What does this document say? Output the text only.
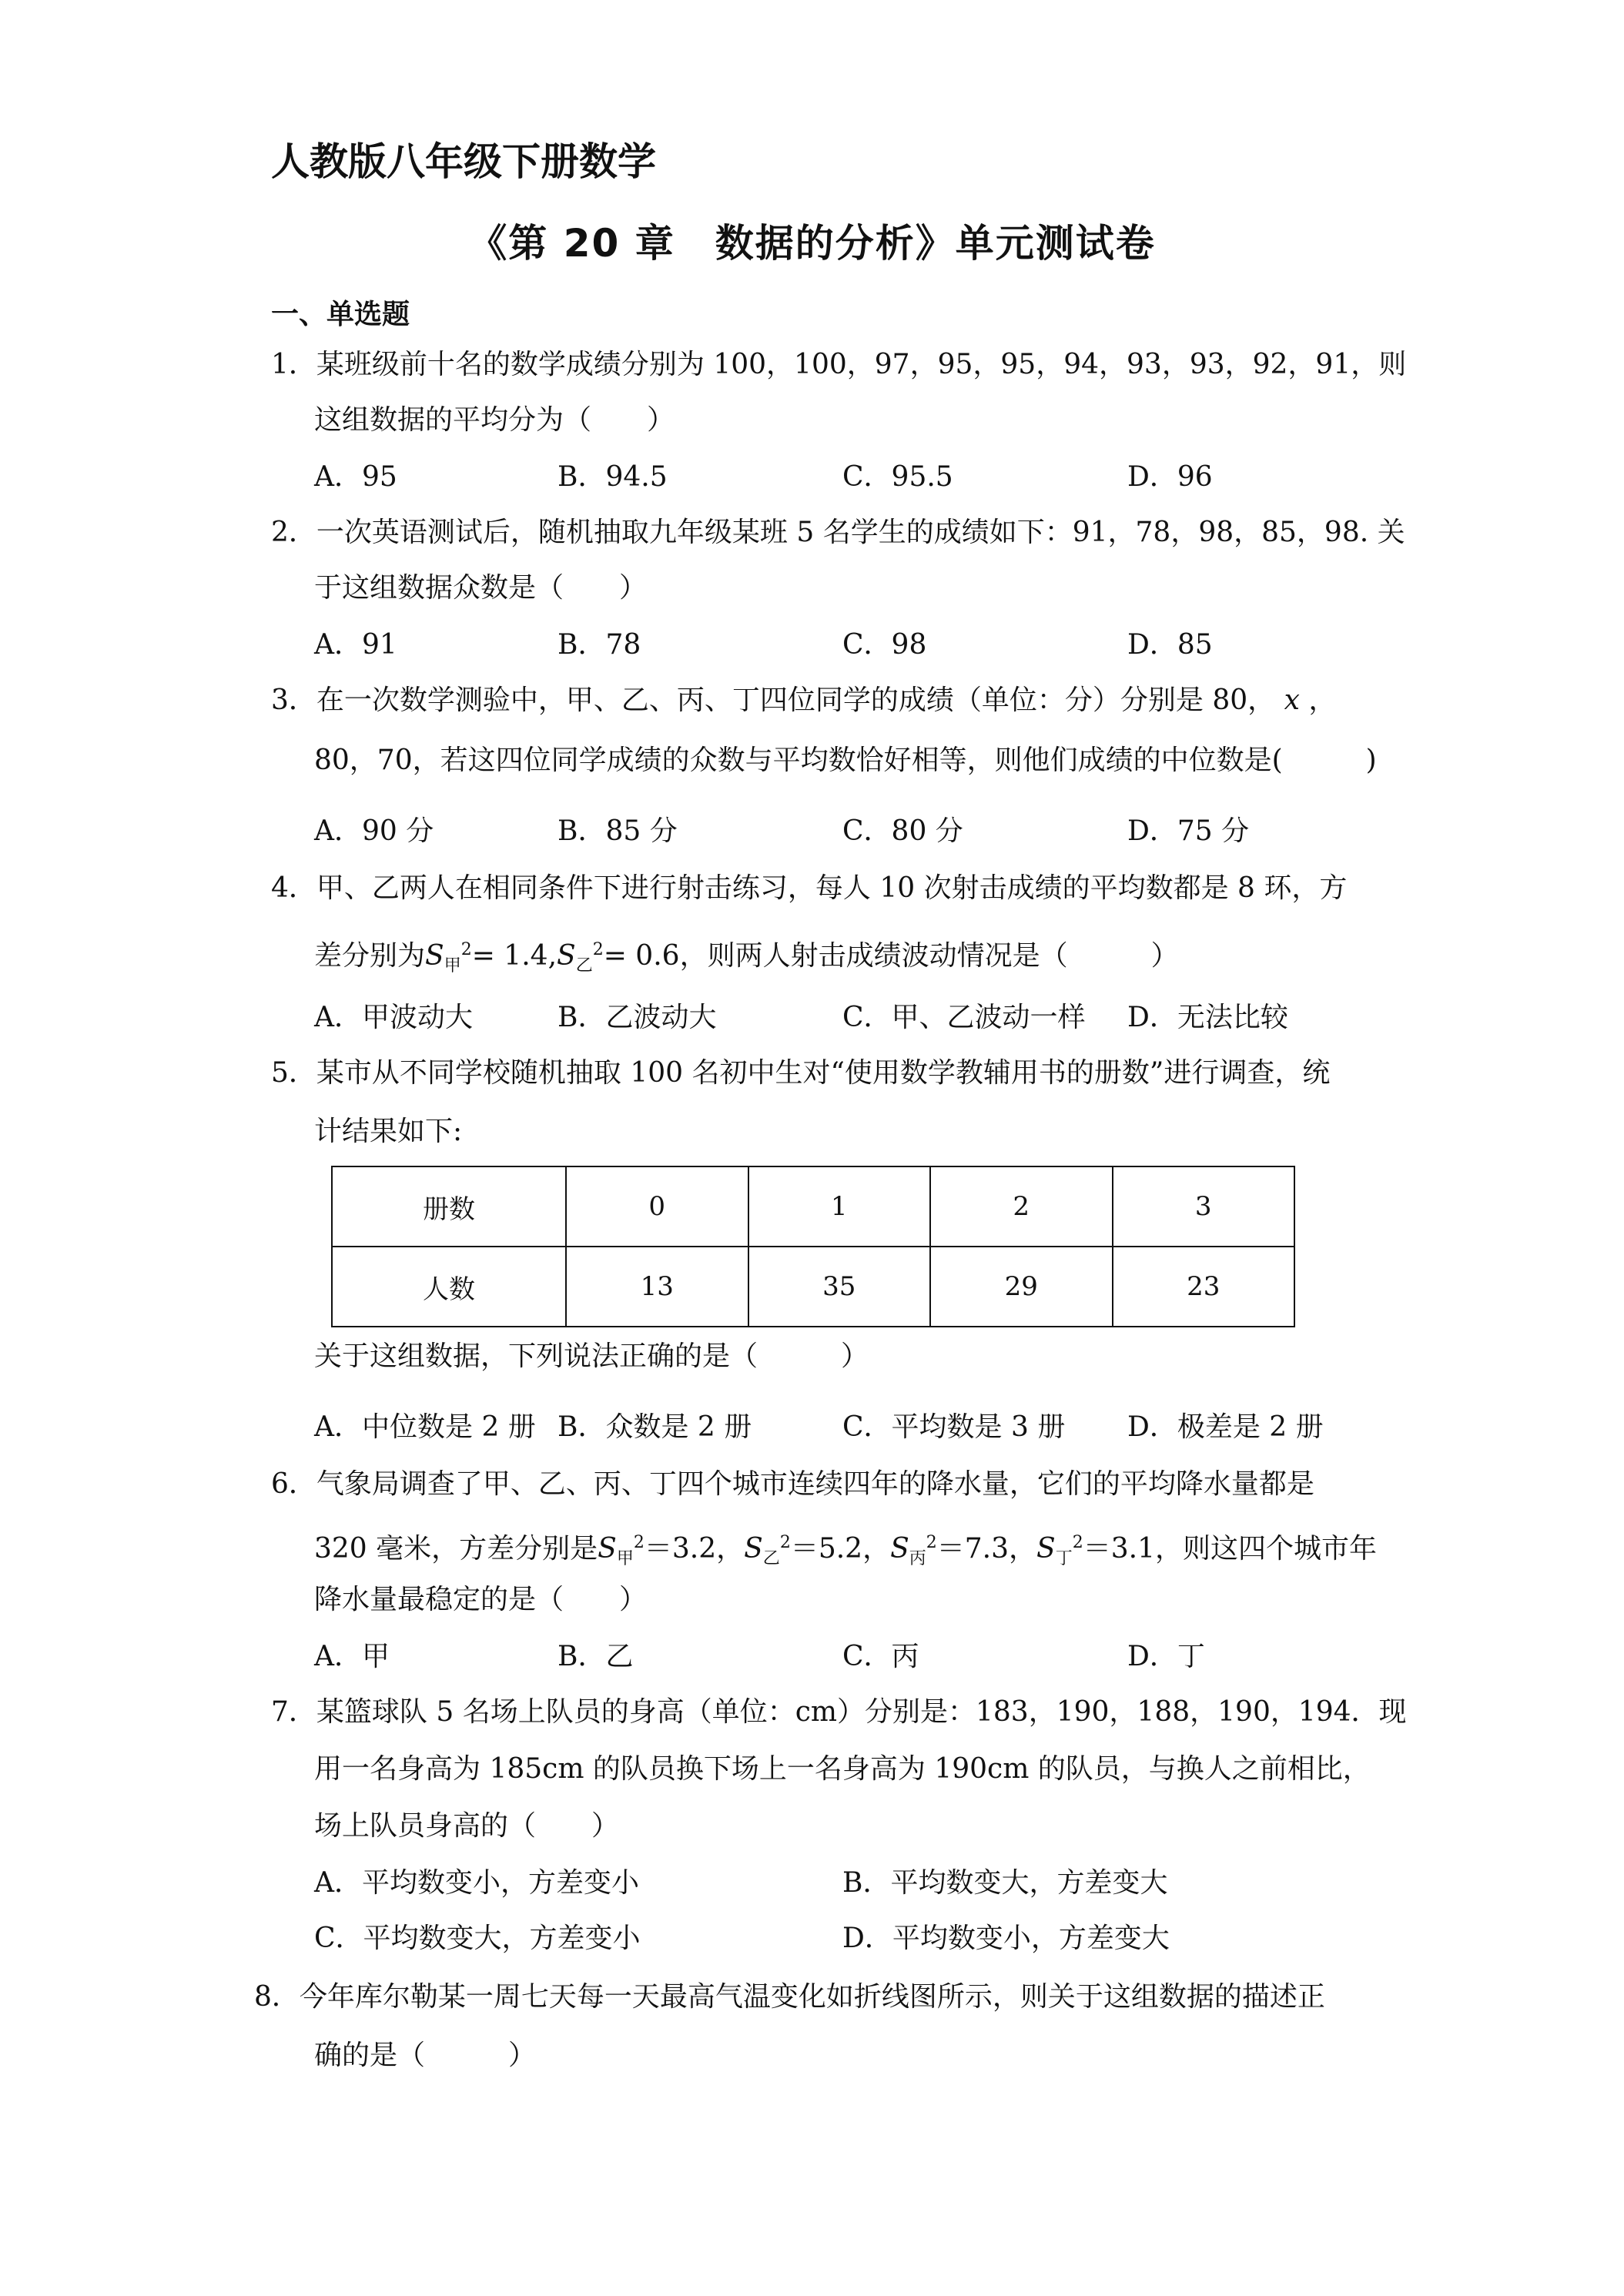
人教版八年级下册数学
《第 20 章　数据的分析》单元测试卷
一、单选题
1．某班级前十名的数学成绩分别为 100，100，97，95，95，94，93，93，92，91，则
这组数据的平均分为（　　）
A．95	B．94.5	C．95.5	D．96
2．一次英语测试后，随机抽取九年级某班 5 名学生的成绩如下：91，78，98，85，98. 关
于这组数据众数是（　　）
A．91	B．78	C．98	D．85
3．在一次数学测验中，甲、乙、丙、丁四位同学的成绩（单位：分）分别是 80， x ，
80，70，若这四位同学成绩的众数与平均数恰好相等，则他们成绩的中位数是(　　　)
A．90 分	B．85 分	C．80 分	D．75 分
4．甲、乙两人在相同条件下进行射击练习，每人 10 次射击成绩的平均数都是 8 环，方
差分别为$S_甲^2= 1.4,S_乙^2= 0.6$，则两人射击成绩波动情况是（　　　）
A．甲波动大	B．乙波动大	C．甲、乙波动一样 D．无法比较
5．某市从不同学校随机抽取 100 名初中生对“使用数学教辅用书的册数”进行调查，统
计结果如下:
册数	0	1	2	3
人数	13	35	29	23
关于这组数据，下列说法正确的是（　　　）
A．中位数是 2 册 B．众数是 2 册	C．平均数是 3 册 D．极差是 2 册
6．气象局调查了甲、乙、丙、丁四个城市连续四年的降水量，它们的平均降水量都是
320 毫米，方差分别是$S_甲^2=3.2$，$S_乙^2=5.2$，$S_丙^2=7.3$，$S_丁^2=3.1$，则这四个城市年
降水量最稳定的是（　　）
A．甲	B．乙	C．丙	D．丁
7．某篮球队 5 名场上队员的身高（单位：cm）分别是：183，190，188，190，194．现
用一名身高为 185cm 的队员换下场上一名身高为 190cm 的队员，与换人之前相比，
场上队员身高的（　　）
A．平均数变小，方差变小	B．平均数变大，方差变大
C．平均数变大，方差变小	D．平均数变小，方差变大
8．今年库尔勒某一周七天每一天最高气温变化如折线图所示，则关于这组数据的描述正
确的是（　　　）
